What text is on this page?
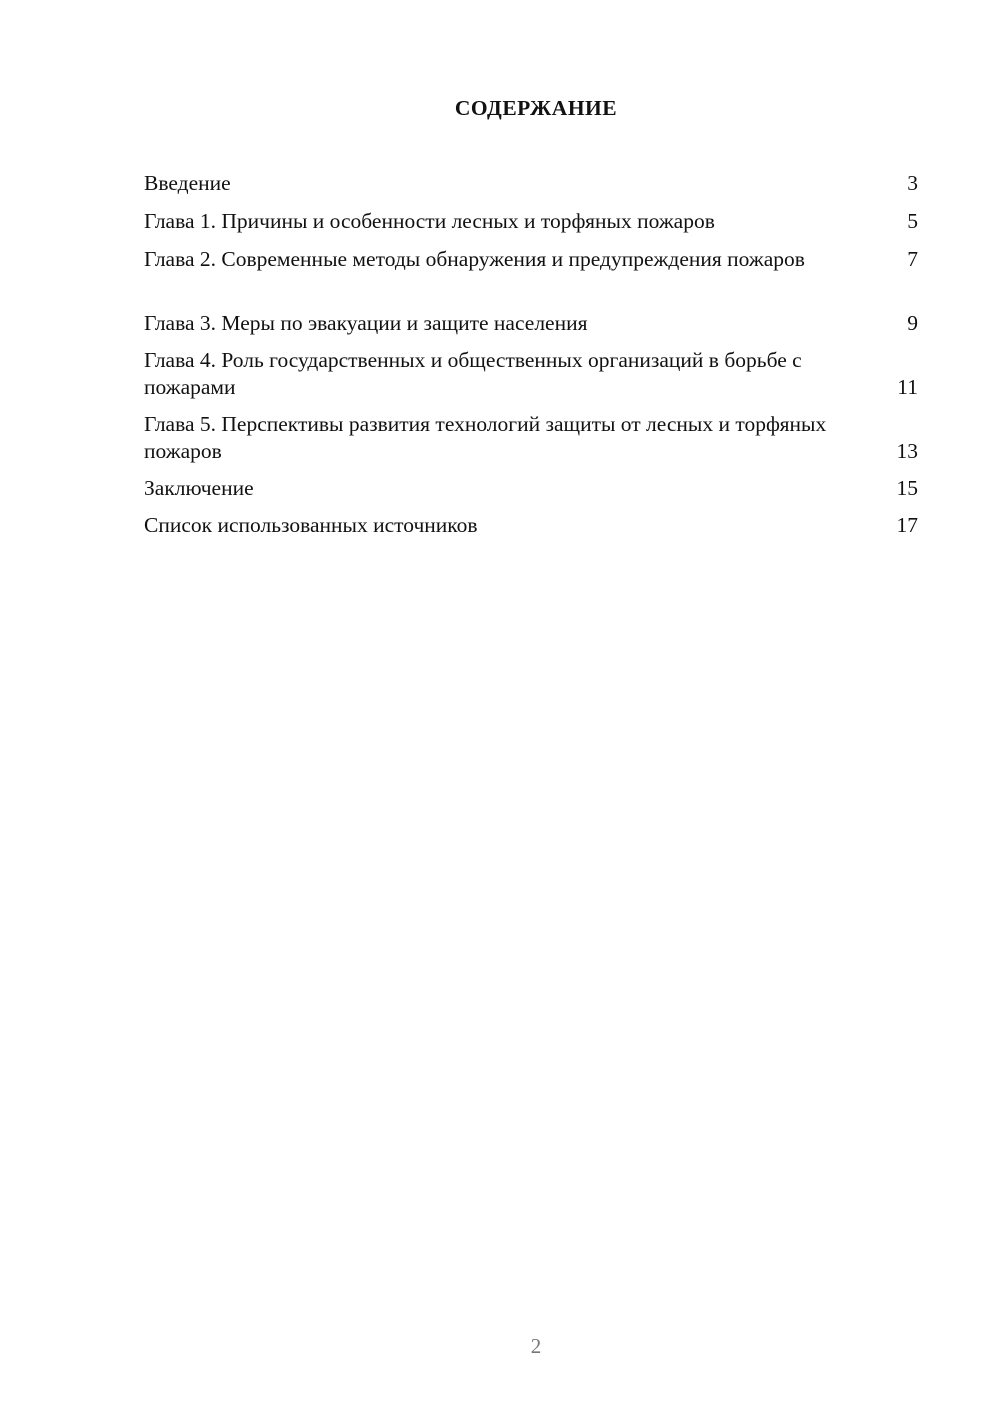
СОДЕРЖАНИЕ
Введение	3
Глава 1. Причины и особенности лесных и торфяных пожаров	5
Глава 2. Современные методы обнаружения и предупреждения пожаров	7
Глава 3. Меры по эвакуации и защите населения	9
Глава 4. Роль государственных и общественных организаций в борьбе с пожарами	11
Глава 5. Перспективы развития технологий защиты от лесных и торфяных пожаров	13
Заключение	15
Список использованных источников	17
2
